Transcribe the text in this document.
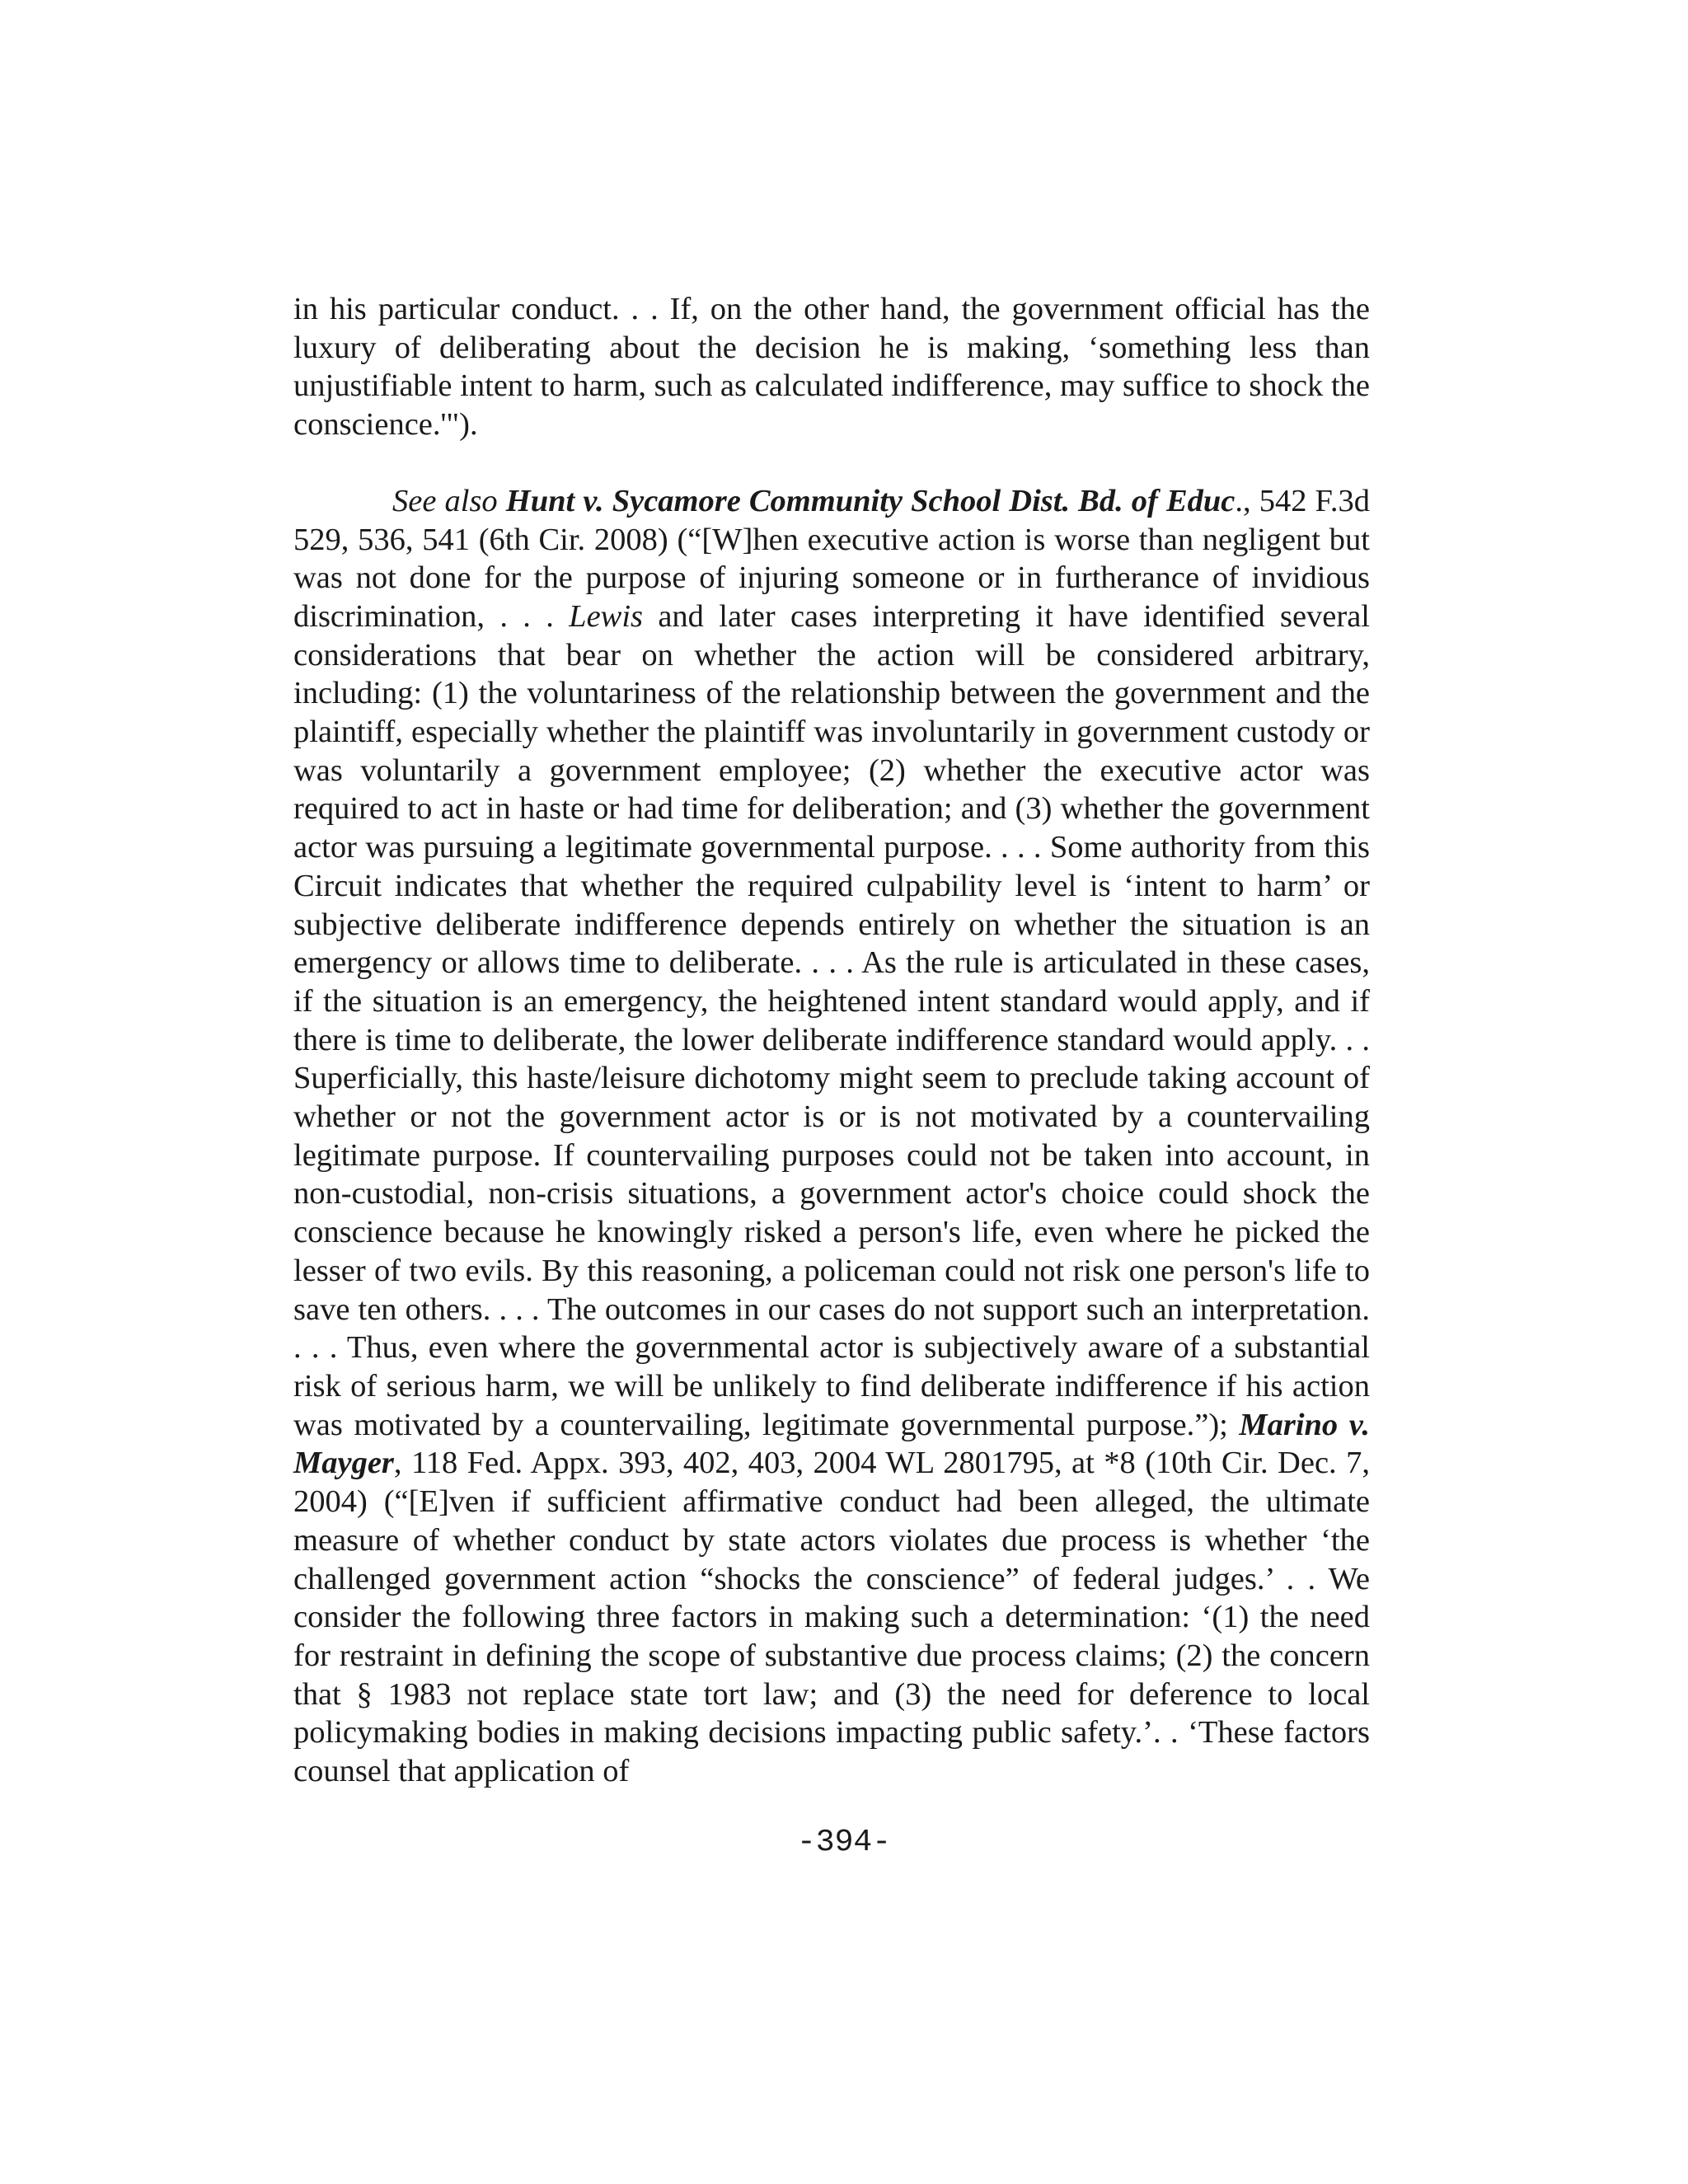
in his particular conduct. . . If, on the other hand, the government official has the luxury of deliberating about the decision he is making, ‘something less than unjustifiable intent to harm, such as calculated indifference, may suffice to shock the conscience.'").

See also Hunt v. Sycamore Community School Dist. Bd. of Educ., 542 F.3d 529, 536, 541 (6th Cir. 2008) (“[W]hen executive action is worse than negligent but was not done for the purpose of injuring someone or in furtherance of invidious discrimination, . . . Lewis and later cases interpreting it have identified several considerations that bear on whether the action will be considered arbitrary, including: (1) the voluntariness of the relationship between the government and the plaintiff, especially whether the plaintiff was involuntarily in government custody or was voluntarily a government employee; (2) whether the executive actor was required to act in haste or had time for deliberation; and (3) whether the government actor was pursuing a legitimate governmental purpose. . . . Some authority from this Circuit indicates that whether the required culpability level is ‘intent to harm’ or subjective deliberate indifference depends entirely on whether the situation is an emergency or allows time to deliberate. . . . As the rule is articulated in these cases, if the situation is an emergency, the heightened intent standard would apply, and if there is time to deliberate, the lower deliberate indifference standard would apply. . . Superficially, this haste/leisure dichotomy might seem to preclude taking account of whether or not the government actor is or is not motivated by a countervailing legitimate purpose. If countervailing purposes could not be taken into account, in non-custodial, non-crisis situations, a government actor's choice could shock the conscience because he knowingly risked a person's life, even where he picked the lesser of two evils. By this reasoning, a policeman could not risk one person's life to save ten others. . . . The outcomes in our cases do not support such an interpretation. . . . Thus, even where the governmental actor is subjectively aware of a substantial risk of serious harm, we will be unlikely to find deliberate indifference if his action was motivated by a countervailing, legitimate governmental purpose.”); Marino v. Mayger, 118 Fed. Appx. 393, 402, 403, 2004 WL 2801795, at *8 (10th Cir. Dec. 7, 2004) (“[E]ven if sufficient affirmative conduct had been alleged, the ultimate measure of whether conduct by state actors violates due process is whether ‘the challenged government action “shocks the conscience” of federal judges.’ . . We consider the following three factors in making such a determination: ‘(1) the need for restraint in defining the scope of substantive due process claims; (2) the concern that § 1983 not replace state tort law; and (3) the need for deference to local policymaking bodies in making decisions impacting public safety.’. . ‘These factors counsel that application of

-394-
